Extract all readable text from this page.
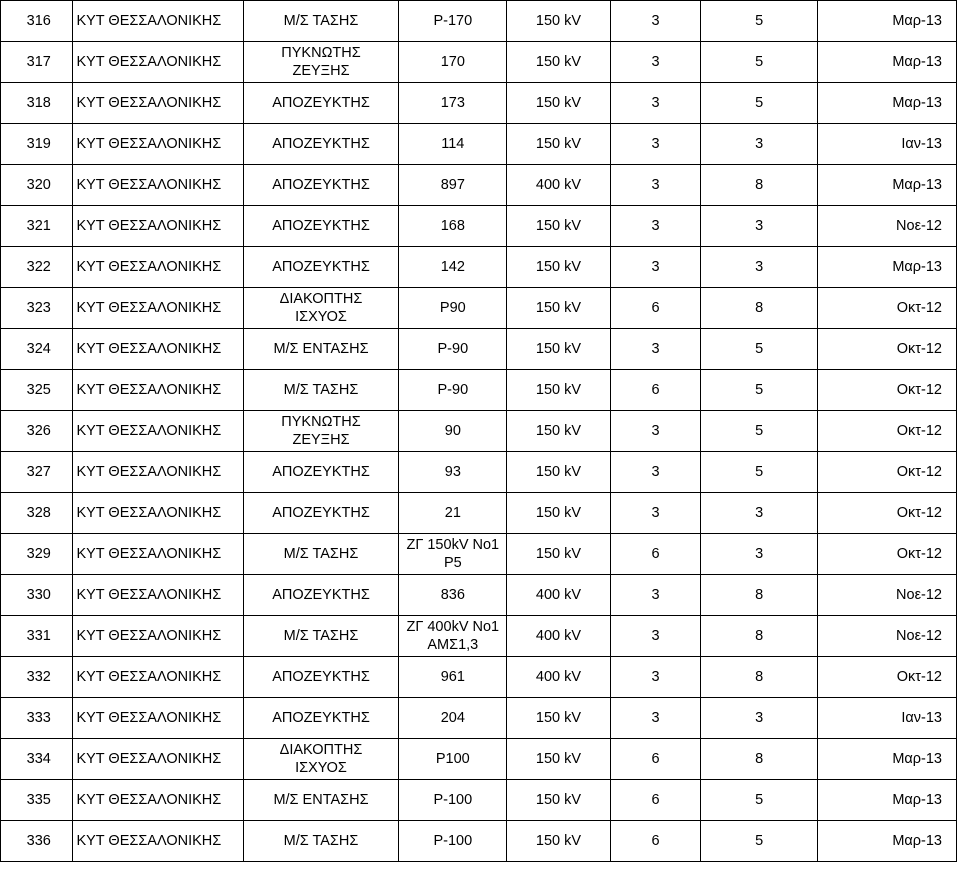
316	ΚΥΤ ΘΕΣΣΑΛΟΝΙΚΗΣ	Μ/Σ ΤΑΣΗΣ	Ρ-170	150 kV	3	5	Μαρ-13
317	ΚΥΤ ΘΕΣΣΑΛΟΝΙΚΗΣ	ΠΥΚΝΩΤΗΣ
ΖΕΥΞΗΣ	170	150 kV	3	5	Μαρ-13
318	ΚΥΤ ΘΕΣΣΑΛΟΝΙΚΗΣ	ΑΠΟΖΕΥΚΤΗΣ	173	150 kV	3	5	Μαρ-13
319	ΚΥΤ ΘΕΣΣΑΛΟΝΙΚΗΣ	ΑΠΟΖΕΥΚΤΗΣ	114	150 kV	3	3	Ιαν-13
320	ΚΥΤ ΘΕΣΣΑΛΟΝΙΚΗΣ	ΑΠΟΖΕΥΚΤΗΣ	897	400 kV	3	8	Μαρ-13
321	ΚΥΤ ΘΕΣΣΑΛΟΝΙΚΗΣ	ΑΠΟΖΕΥΚΤΗΣ	168	150 kV	3	3	Νοε-12
322	ΚΥΤ ΘΕΣΣΑΛΟΝΙΚΗΣ	ΑΠΟΖΕΥΚΤΗΣ	142	150 kV	3	3	Μαρ-13
323	ΚΥΤ ΘΕΣΣΑΛΟΝΙΚΗΣ	ΔΙΑΚΟΠΤΗΣ
ΙΣΧΥΟΣ	Ρ90	150 kV	6	8	Οκτ-12
324	ΚΥΤ ΘΕΣΣΑΛΟΝΙΚΗΣ	Μ/Σ ΕΝΤΑΣΗΣ	Ρ-90	150 kV	3	5	Οκτ-12
325	ΚΥΤ ΘΕΣΣΑΛΟΝΙΚΗΣ	Μ/Σ ΤΑΣΗΣ	Ρ-90	150 kV	6	5	Οκτ-12
326	ΚΥΤ ΘΕΣΣΑΛΟΝΙΚΗΣ	ΠΥΚΝΩΤΗΣ
ΖΕΥΞΗΣ	90	150 kV	3	5	Οκτ-12
327	ΚΥΤ ΘΕΣΣΑΛΟΝΙΚΗΣ	ΑΠΟΖΕΥΚΤΗΣ	93	150 kV	3	5	Οκτ-12
328	ΚΥΤ ΘΕΣΣΑΛΟΝΙΚΗΣ	ΑΠΟΖΕΥΚΤΗΣ	21	150 kV	3	3	Οκτ-12
329	ΚΥΤ ΘΕΣΣΑΛΟΝΙΚΗΣ	Μ/Σ ΤΑΣΗΣ	ΖΓ 150kV Νο1
Ρ5	150 kV	6	3	Οκτ-12
330	ΚΥΤ ΘΕΣΣΑΛΟΝΙΚΗΣ	ΑΠΟΖΕΥΚΤΗΣ	836	400 kV	3	8	Νοε-12
331	ΚΥΤ ΘΕΣΣΑΛΟΝΙΚΗΣ	Μ/Σ ΤΑΣΗΣ	ΖΓ 400kV Νο1
ΑΜΣ1,3	400 kV	3	8	Νοε-12
332	ΚΥΤ ΘΕΣΣΑΛΟΝΙΚΗΣ	ΑΠΟΖΕΥΚΤΗΣ	961	400 kV	3	8	Οκτ-12
333	ΚΥΤ ΘΕΣΣΑΛΟΝΙΚΗΣ	ΑΠΟΖΕΥΚΤΗΣ	204	150 kV	3	3	Ιαν-13
334	ΚΥΤ ΘΕΣΣΑΛΟΝΙΚΗΣ	ΔΙΑΚΟΠΤΗΣ
ΙΣΧΥΟΣ	Ρ100	150 kV	6	8	Μαρ-13
335	ΚΥΤ ΘΕΣΣΑΛΟΝΙΚΗΣ	Μ/Σ ΕΝΤΑΣΗΣ	Ρ-100	150 kV	6	5	Μαρ-13
336	ΚΥΤ ΘΕΣΣΑΛΟΝΙΚΗΣ	Μ/Σ ΤΑΣΗΣ	Ρ-100	150 kV	6	5	Μαρ-13
